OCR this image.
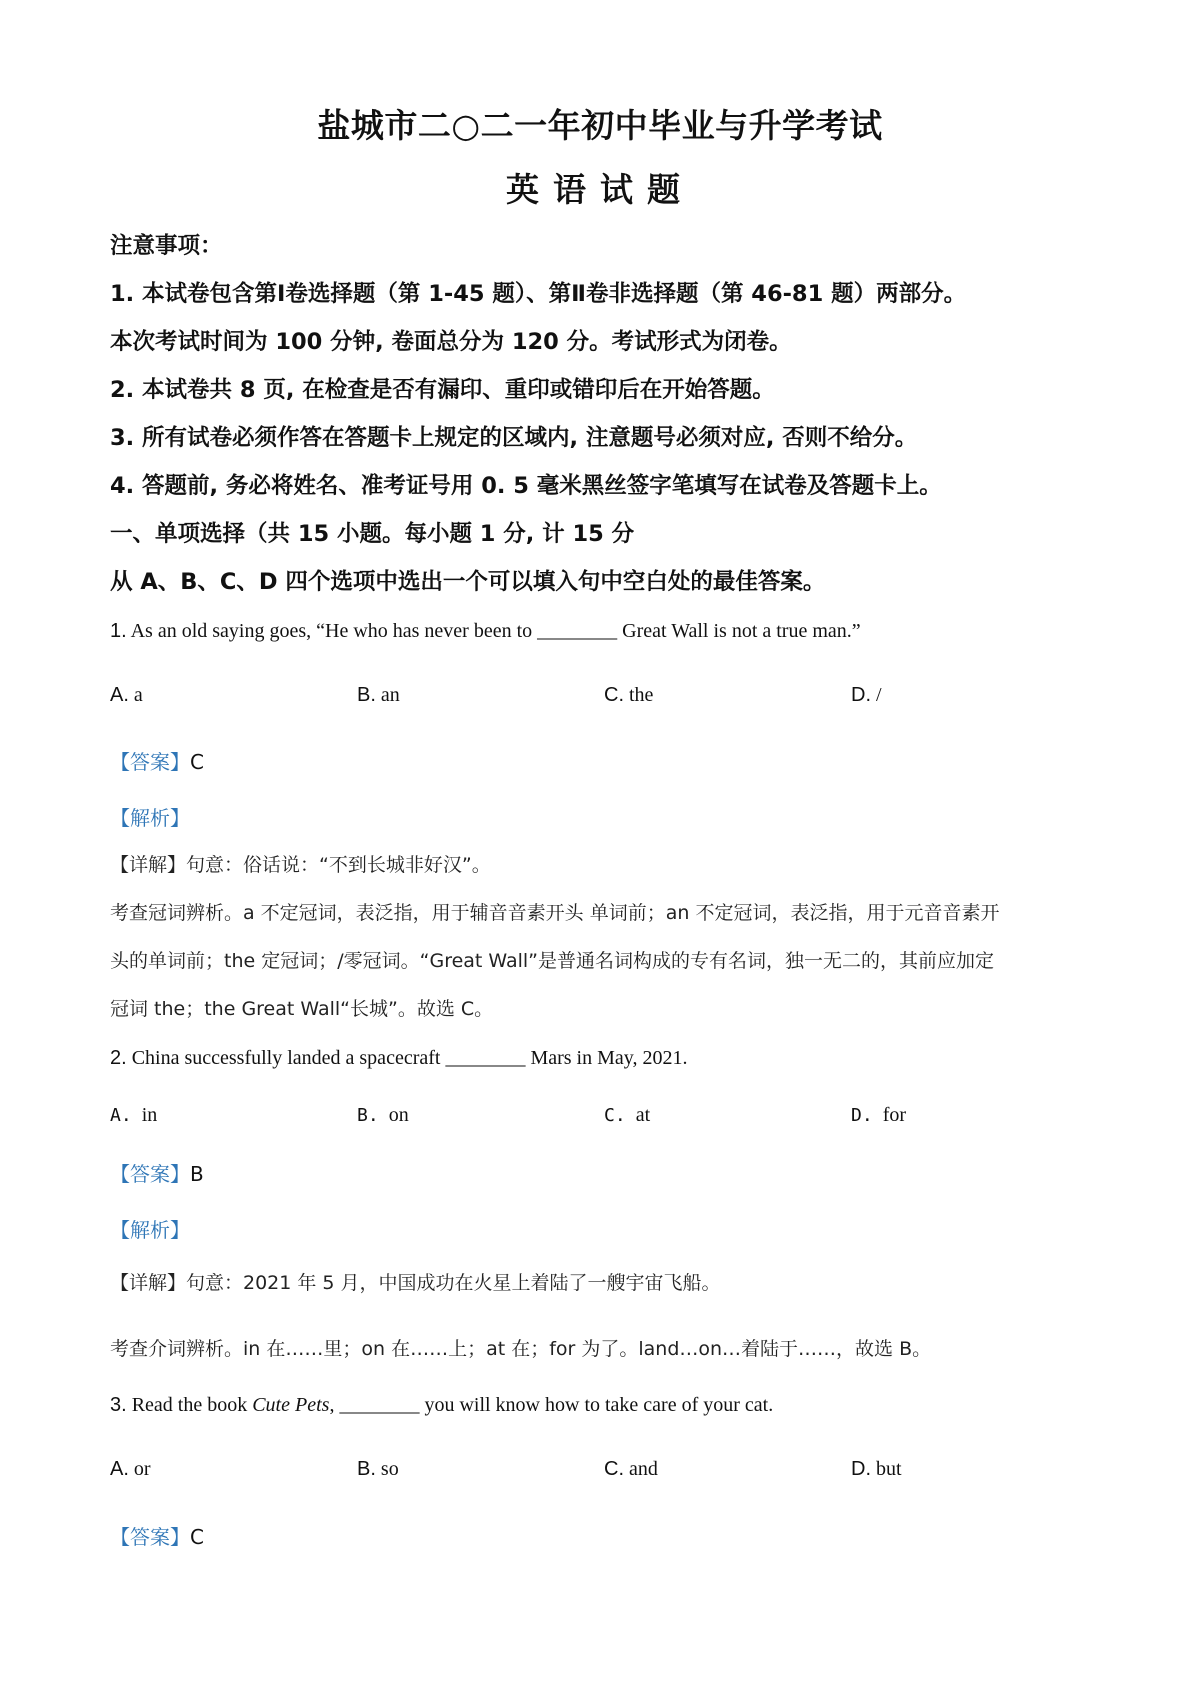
盐城市二○二一年初中毕业与升学考试
英语试题
注意事项：
1. 本试卷包含第Ⅰ卷选择题（第 1-45 题）、第Ⅱ卷非选择题（第 46-81 题）两部分。
本次考试时间为 100 分钟, 卷面总分为 120 分。考试形式为闭卷。
2. 本试卷共 8 页, 在检查是否有漏印、重印或错印后在开始答题。
3. 所有试卷必须作答在答题卡上规定的区域内, 注意题号必须对应, 否则不给分。
4. 答题前, 务必将姓名、准考证号用 0. 5 毫米黑丝签字笔填写在试卷及答题卡上。
一、单项选择（共 15 小题。每小题 1 分, 计 15 分
从 A、B、C、D 四个选项中选出一个可以填入句中空白处的最佳答案。
1. As an old saying goes, “He who has never been to ________ Great Wall is not a true man.”
A. a	B. an	C. the	D. /
【答案】C
【解析】
【详解】句意：俗话说：“不到长城非好汉”。
考查冠词辨析。a 不定冠词，表泛指，用于辅音音素开头 单词前；an 不定冠词，表泛指，用于元音音素开
头的单词前；the 定冠词；/零冠词。“Great Wall”是普通名词构成的专有名词，独一无二的，其前应加定
冠词 the；the Great Wall“长城”。故选 C。
2. China successfully landed a spacecraft ________ Mars in May, 2021.
A. in	B. on	C. at	D. for
【答案】B
【解析】
【详解】句意：2021 年 5 月，中国成功在火星上着陆了一艘宇宙飞船。
考查介词辨析。in 在……里；on 在……上；at 在；for 为了。land…on…着陆于……，故选 B。
3. Read the book Cute Pets, ________ you will know how to take care of your cat.
A. or	B. so	C. and	D. but
【答案】C
